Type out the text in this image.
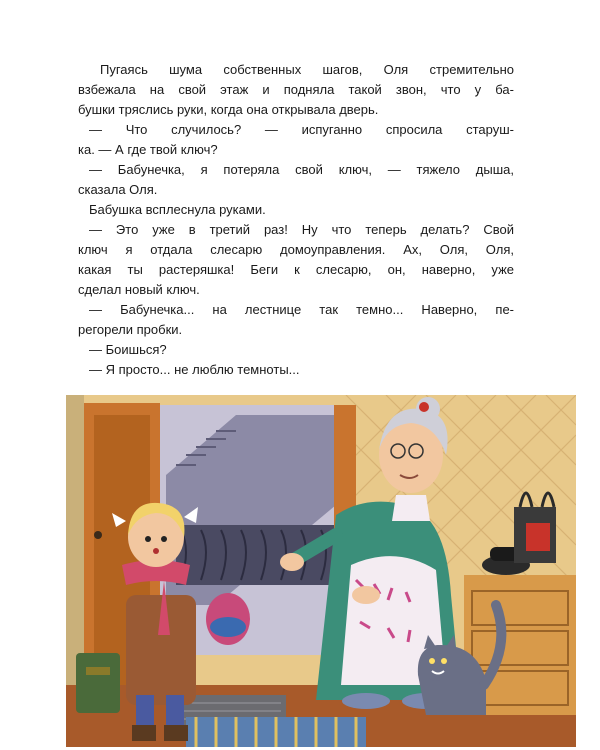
Пугаясь шума собственных шагов, Оля стремительно

взбежала на свой этаж и подняла такой звон, что у ба-

бушки тряслись руки, когда она открывала дверь.

— Что случилось? — испуганно спросила старуш-

ка. — А где твой ключ?

— Бабунечка, я потеряла свой ключ, — тяжело дыша,

сказала Оля.

Бабушка всплеснула руками.

— Это уже в третий раз! Ну что теперь делать? Свой

ключ я отдала слесарю домоуправления. Ах, Оля, Оля,

какая ты растеряшка! Беги к слесарю, он, наверно, уже

сделал новый ключ.

— Бабунечка... на лестнице так темно... Наверно, пе-

регорели пробки.

— Боишься?

— Я просто... не люблю темноты...
